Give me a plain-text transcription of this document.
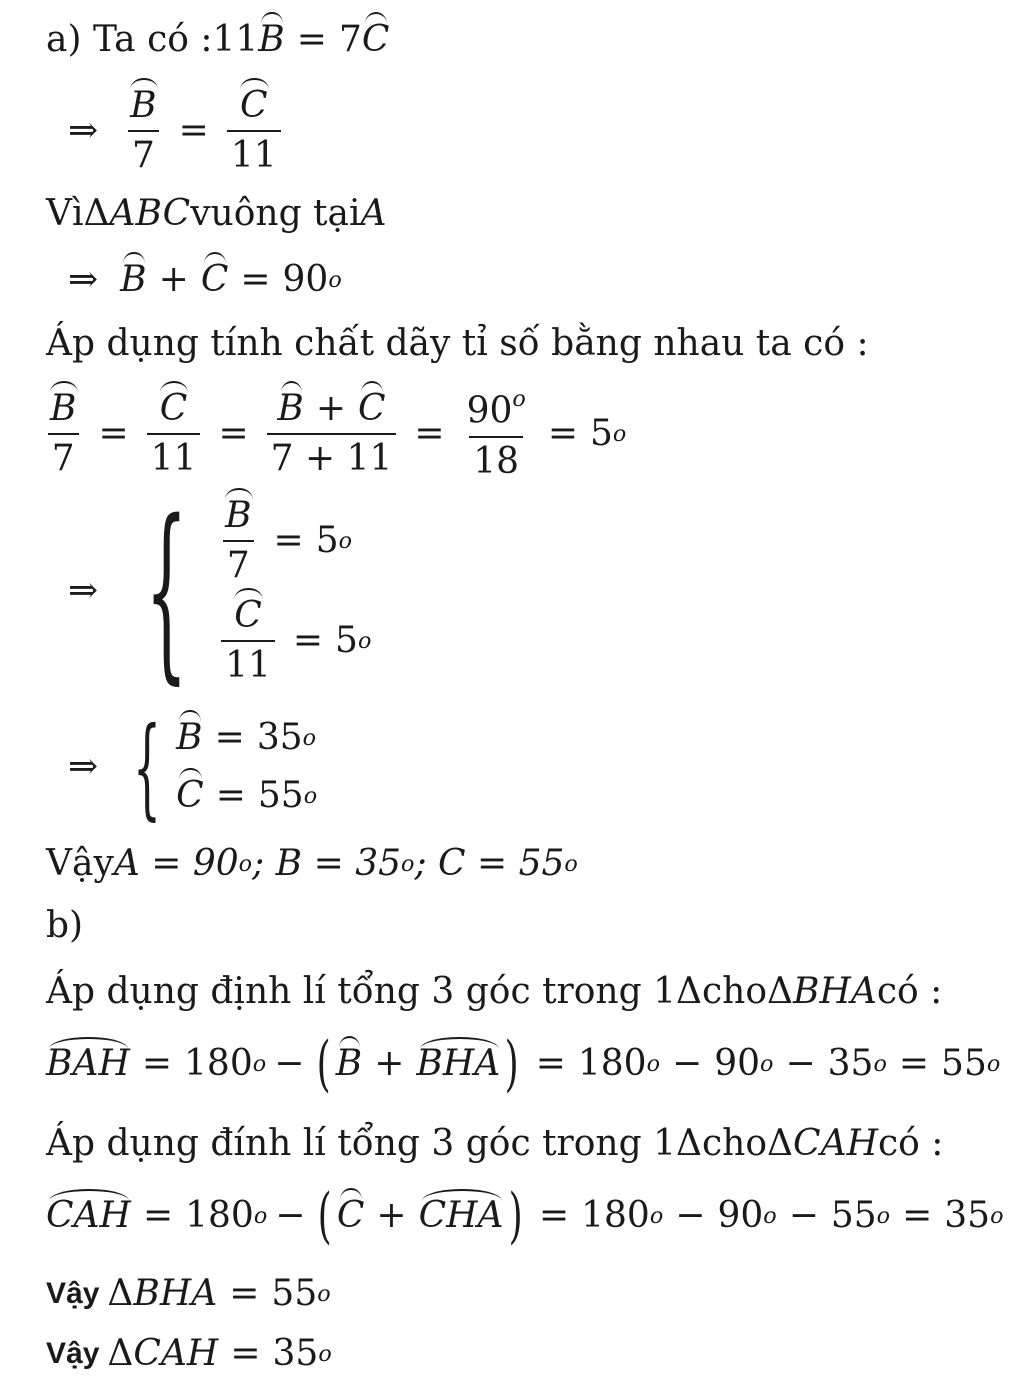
a) Ta có : 11 B = 7 C
⇒ $\frac{B}{7} = \frac{C}{11}$
Vì Δ ABC vuông tại A
⇒ B + C = 90 o
Áp dụng tính chất dãy tỉ số bằng nhau ta có :
$\frac{B}{7} = \frac{C}{11} = \frac{B + C}{7 + 11} = \frac{90^o}{18} = 5$ o
⇒ { $\frac{B}{7} = 5$ o
$\frac{C}{11} = 5$ o
⇒ { B = 35 o
C = 55 o
Vậy A = 90 o ; B = 35 o ; C = 55 o
b)
Áp dụng định lí tổng 3 góc trong 1 Δ cho Δ BHA có :
BAH = 180 o − ( B + BHA ) = 180 o − 90 o − 35 o = 55 o
Áp dụng đính lí tổng 3 góc trong 1 Δ cho Δ CAH có :
CAH = 180 o − ( C + CHA ) = 180 o − 90 o − 55 o = 35 o
Vậy Δ BHA = 55 o
Vậy Δ CAH = 35 o
